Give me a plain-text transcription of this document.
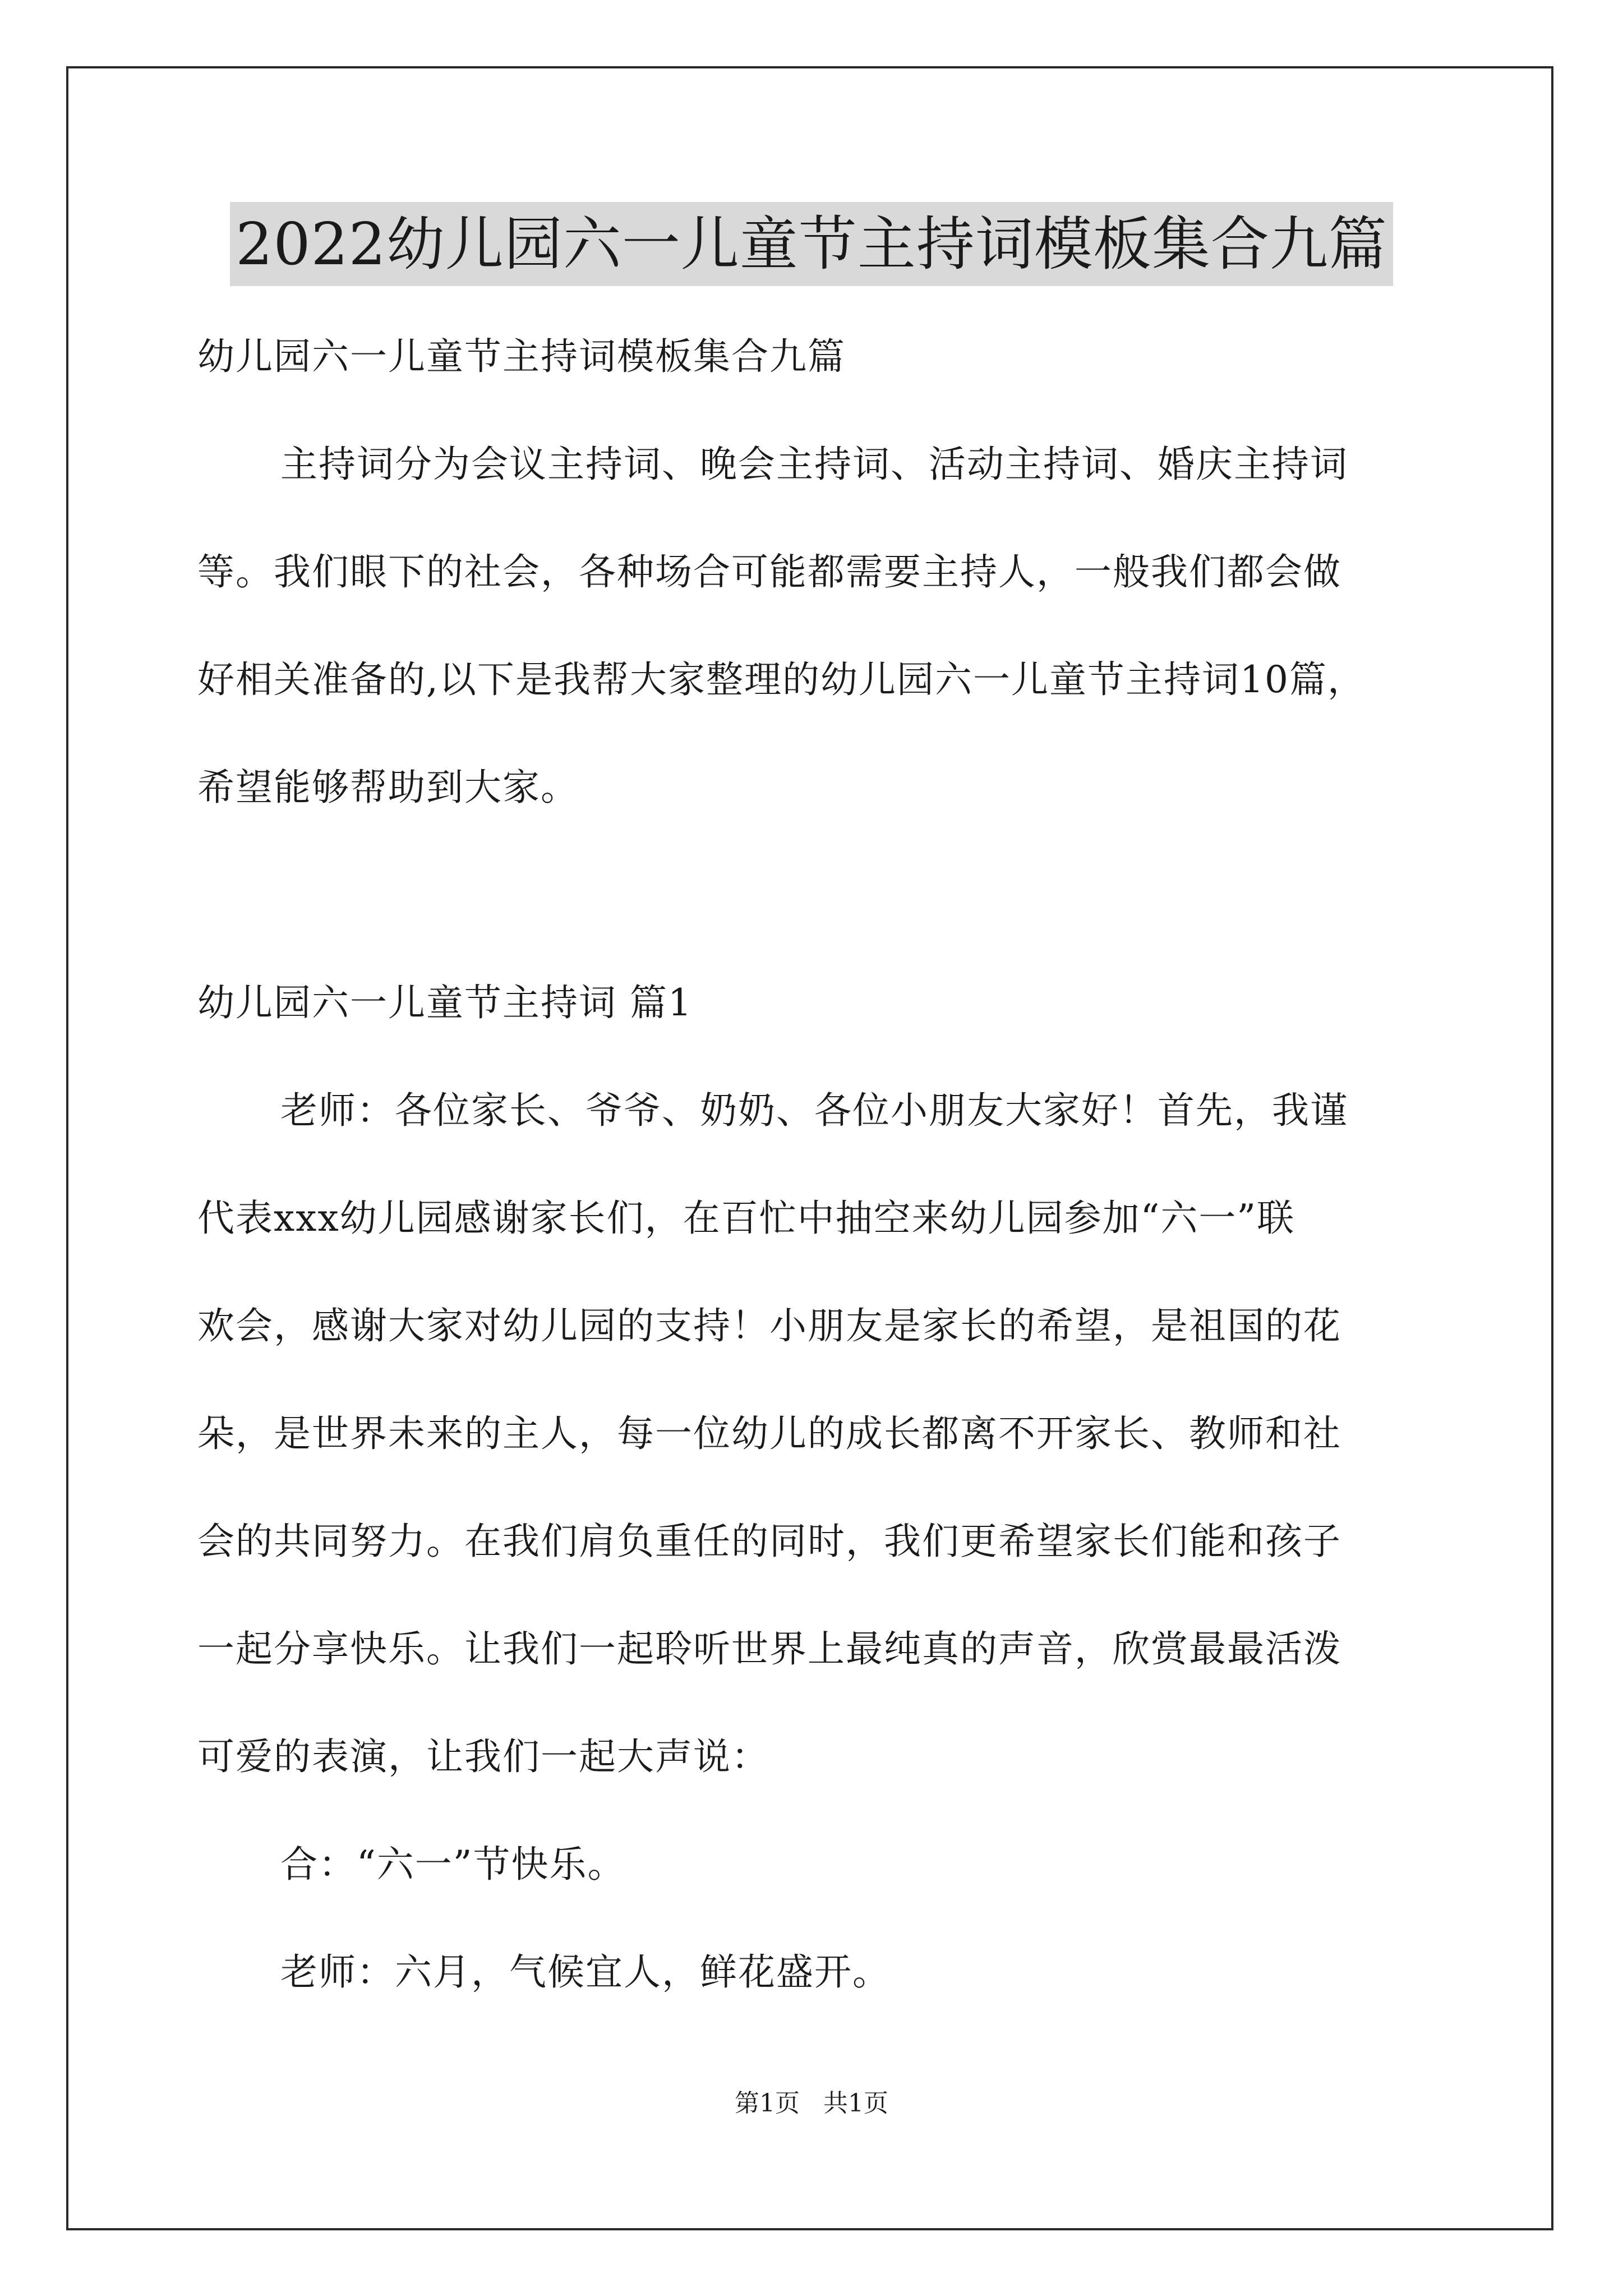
2022幼儿园六一儿童节主持词模板集合九篇
幼儿园六一儿童节主持词模板集合九篇
主持词分为会议主持词、晚会主持词、活动主持词、婚庆主持词
等。我们眼下的社会，各种场合可能都需要主持人，一般我们都会做
好相关准备的,以下是我帮大家整理的幼儿园六一儿童节主持词10篇，
希望能够帮助到大家。
幼儿园六一儿童节主持词 篇1
老师：各位家长、爷爷、奶奶、各位小朋友大家好！首先，我谨
代表xxx幼儿园感谢家长们，在百忙中抽空来幼儿园参加“六一”联
欢会，感谢大家对幼儿园的支持！小朋友是家长的希望，是祖国的花
朵，是世界未来的主人，每一位幼儿的成长都离不开家长、教师和社
会的共同努力。在我们肩负重任的同时，我们更希望家长们能和孩子
一起分享快乐。让我们一起聆听世界上最纯真的声音，欣赏最最活泼
可爱的表演，让我们一起大声说：
合：“六一”节快乐。
老师：六月，气候宜人，鲜花盛开。
第1页   共1页
